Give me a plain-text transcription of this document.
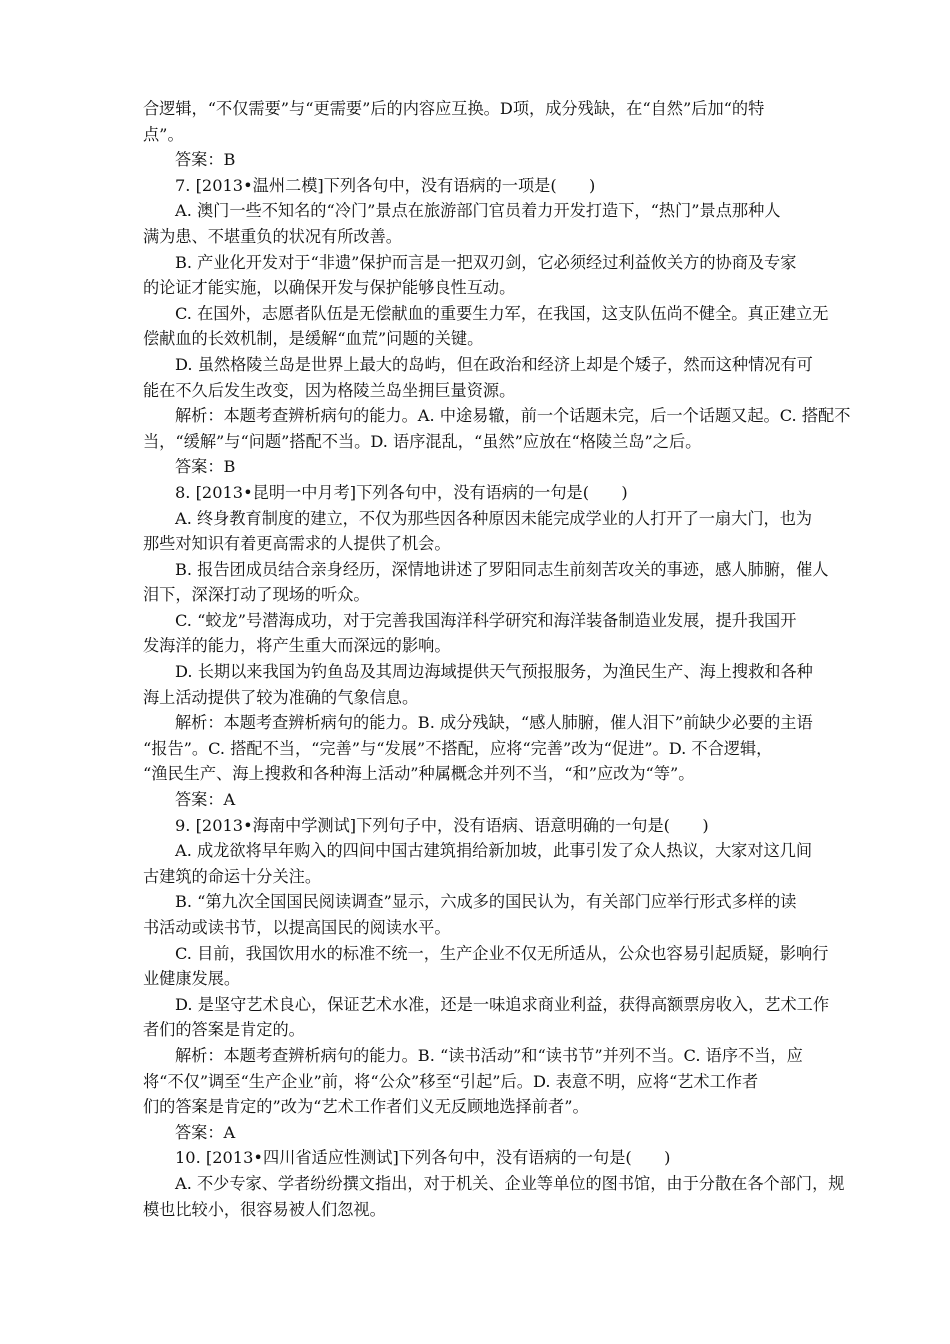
合逻辑，“不仅需要”与“更需要”后的内容应互换。D项，成分残缺，在“自然”后加“的特

点”。

答案：B

7. [2013•温州二模]下列各句中，没有语病的一项是(　　)

A. 澳门一些不知名的“冷门”景点在旅游部门官员着力开发打造下，“热门”景点那种人

满为患、不堪重负的状况有所改善。

B. 产业化开发对于“非遗”保护而言是一把双刃剑，它必须经过利益攸关方的协商及专家

的论证才能实施，以确保开发与保护能够良性互动。

C. 在国外，志愿者队伍是无偿献血的重要生力军，在我国，这支队伍尚不健全。真正建立无

偿献血的长效机制，是缓解“血荒”问题的关键。

D. 虽然格陵兰岛是世界上最大的岛屿，但在政治和经济上却是个矮子，然而这种情况有可

能在不久后发生改变，因为格陵兰岛坐拥巨量资源。

解析：本题考查辨析病句的能力。A. 中途易辙，前一个话题未完，后一个话题又起。C. 搭配不

当，“缓解”与“问题”搭配不当。D. 语序混乱，“虽然”应放在“格陵兰岛”之后。

答案：B

8. [2013•昆明一中月考]下列各句中，没有语病的一句是(　　)

A. 终身教育制度的建立，不仅为那些因各种原因未能完成学业的人打开了一扇大门，也为

那些对知识有着更高需求的人提供了机会。

B. 报告团成员结合亲身经历，深情地讲述了罗阳同志生前刻苦攻关的事迹，感人肺腑，催人

泪下，深深打动了现场的听众。

C. “蛟龙”号潜海成功，对于完善我国海洋科学研究和海洋装备制造业发展，提升我国开

发海洋的能力，将产生重大而深远的影响。

D. 长期以来我国为钓鱼岛及其周边海域提供天气预报服务，为渔民生产、海上搜救和各种

海上活动提供了较为准确的气象信息。

解析：本题考查辨析病句的能力。B. 成分残缺，“感人肺腑，催人泪下”前缺少必要的主语

“报告”。C. 搭配不当，“完善”与“发展”不搭配，应将“完善”改为“促进”。D. 不合逻辑，

“渔民生产、海上搜救和各种海上活动”种属概念并列不当，“和”应改为“等”。

答案：A

9. [2013•海南中学测试]下列句子中，没有语病、语意明确的一句是(　　)

A. 成龙欲将早年购入的四间中国古建筑捐给新加坡，此事引发了众人热议，大家对这几间

古建筑的命运十分关注。

B. “第九次全国国民阅读调查”显示，六成多的国民认为，有关部门应举行形式多样的读

书活动或读书节，以提高国民的阅读水平。

C. 目前，我国饮用水的标准不统一，生产企业不仅无所适从，公众也容易引起质疑，影响行

业健康发展。

D. 是坚守艺术良心，保证艺术水准，还是一味追求商业利益，获得高额票房收入，艺术工作

者们的答案是肯定的。

解析：本题考查辨析病句的能力。B. “读书活动”和“读书节”并列不当。C. 语序不当，应

将“不仅”调至“生产企业”前，将“公众”移至“引起”后。D. 表意不明，应将“艺术工作者

们的答案是肯定的”改为“艺术工作者们义无反顾地选择前者”。

答案：A

10. [2013•四川省适应性测试]下列各句中，没有语病的一句是(　　)

A. 不少专家、学者纷纷撰文指出，对于机关、企业等单位的图书馆，由于分散在各个部门，规

模也比较小，很容易被人们忽视。
